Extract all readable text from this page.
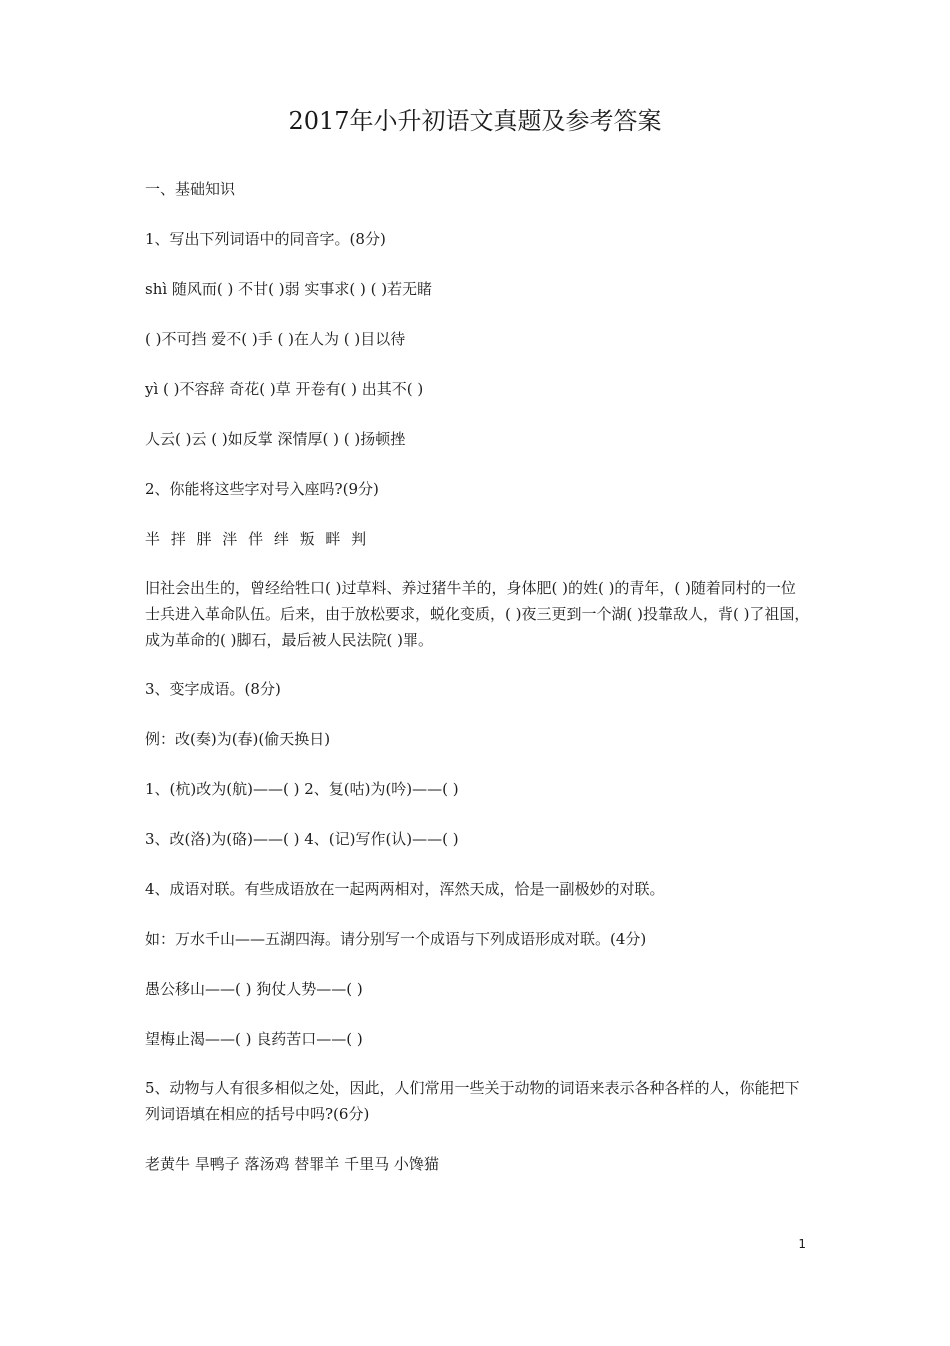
2017年小升初语文真题及参考答案
一、基础知识
1、写出下列词语中的同音字。(8分)
shì 随风而( ) 不甘( )弱 实事求( ) ( )若无睹
( )不可挡 爱不( )手 ( )在人为 ( )目以待
yì ( )不容辞 奇花( )草 开卷有( ) 出其不( )
人云( )云 ( )如反掌 深情厚( ) ( )扬顿挫
2、你能将这些字对号入座吗?(9分)
半 拌 胖 泮 伴 绊 叛 畔 判
旧社会出生的，曾经给牲口( )过草料、养过猪牛羊的，身体肥( )的姓( )的青年，( )随着同村的一位士兵进入革命队伍。后来，由于放松要求，蜕化变质，( )夜三更到一个湖( )投靠敌人，背( )了祖国，成为革命的( )脚石，最后被人民法院( )罪。
3、变字成语。(8分)
例：改(奏)为(春)(偷天换日)
1、(杭)改为(航)——( ) 2、复(咕)为(吟)——( )
3、改(洛)为(硌)——( ) 4、(记)写作(认)——( )
4、成语对联。有些成语放在一起两两相对，浑然天成，恰是一副极妙的对联。
如：万水千山——五湖四海。请分别写一个成语与下列成语形成对联。(4分)
愚公移山——( ) 狗仗人势——( )
望梅止渴——( ) 良药苦口——( )
5、动物与人有很多相似之处，因此，人们常用一些关于动物的词语来表示各种各样的人，你能把下列词语填在相应的括号中吗?(6分)
老黄牛 旱鸭子 落汤鸡 替罪羊 千里马 小馋猫
1
